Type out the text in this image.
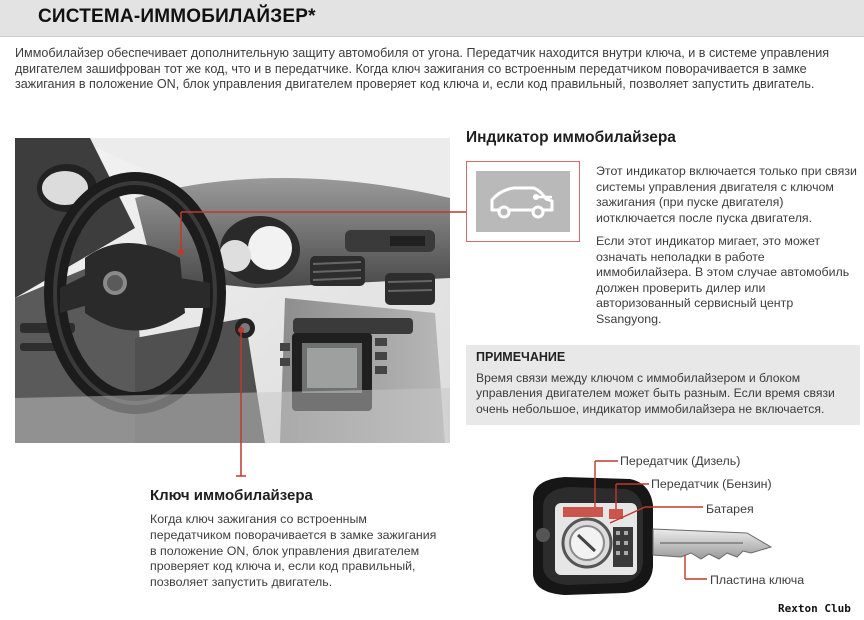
СИСТЕМА-ИММОБИЛАЙЗЕР*
Иммобилайзер обеспечивает дополнительную защиту автомобиля от угона. Передатчик находится внутри ключа, и в системе управления двигателем зашифрован тот же код, что и в передатчике. Когда ключ зажигания со встроенным передатчиком поворачивается в замке зажигания в положение ON, блок управления двигателем проверяет код ключа и, если код правильный, позволяет запустить двигатель.
Индикатор иммобилайзера
Этот индикатор включается только при связи системы управления двигателя с ключом зажигания (при пуске двигателя) иотключается после пуска двигателя.
Если этот индикатор мигает, это может означать неполадки в работе иммобилайзера. В этом случае автомобиль должен проверить дилер или авторизованный сервисный центр Ssangyong.
ПРИМЕЧАНИЕ
Время связи между ключом с иммобилайзером и блоком управления двигателем может быть разным. Если время связи очень небольшое, индикатор иммобилайзера не включается.
Ключ иммобилайзера
Когда ключ зажигания со встроенным передатчиком поворачивается в замке зажигания в положение ON, блок управления двигателем проверяет код ключа и, если код правильный, позволяет запустить двигатель.
Передатчик (Дизель)
Передатчик (Бензин)
Батарея
Пластина ключа
Rexton Club
